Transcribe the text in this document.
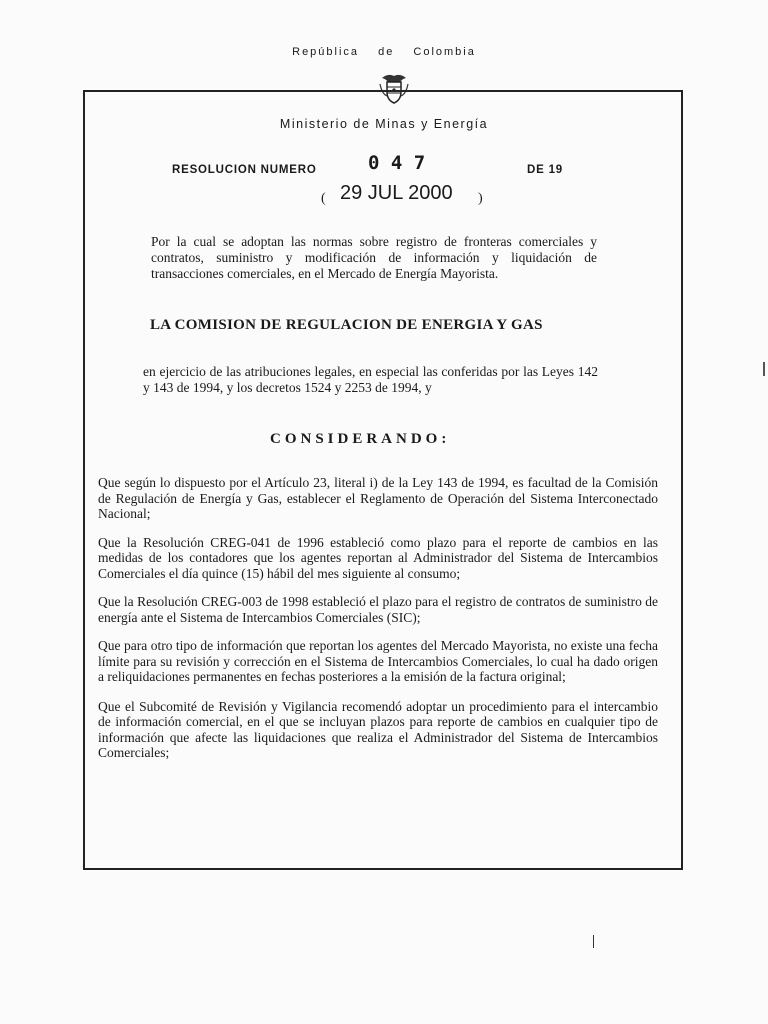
República de Colombia
Ministerio de Minas y Energía
RESOLUCION NUMERO	0 4 7	DE 19
( 29 JUL 2000 )
Por la cual se adoptan las normas sobre registro de fronteras comerciales y contratos, suministro y modificación de información y liquidación de transacciones comerciales, en el Mercado de Energía Mayorista.
LA COMISION DE REGULACION DE ENERGIA Y GAS
en ejercicio de las atribuciones legales, en especial las conferidas por las Leyes 142 y 143 de 1994, y los decretos 1524 y 2253 de 1994, y
CONSIDERANDO:

Que según lo dispuesto por el Artículo 23, literal i) de la Ley 143 de 1994, es facultad de la Comisión de Regulación de Energía y Gas, establecer el Reglamento de Operación del Sistema Interconectado Nacional;

Que la Resolución CREG-041 de 1996 estableció como plazo para el reporte de cambios en las medidas de los contadores que los agentes reportan al Administrador del Sistema de Intercambios Comerciales el día quince (15) hábil del mes siguiente al consumo;

Que la Resolución CREG-003 de 1998 estableció el plazo para el registro de contratos de suministro de energía ante el Sistema de Intercambios Comerciales (SIC);

Que para otro tipo de información que reportan los agentes del Mercado Mayorista, no existe una fecha límite para su revisión y corrección en el Sistema de Intercambios Comerciales, lo cual ha dado origen a reliquidaciones permanentes en fechas posteriores a la emisión de la factura original;

Que el Subcomité de Revisión y Vigilancia recomendó adoptar un procedimiento para el intercambio de información comercial, en el que se incluyan plazos para reporte de cambios en cualquier tipo de información que afecte las liquidaciones que realiza el Administrador del Sistema de Intercambios Comerciales;
